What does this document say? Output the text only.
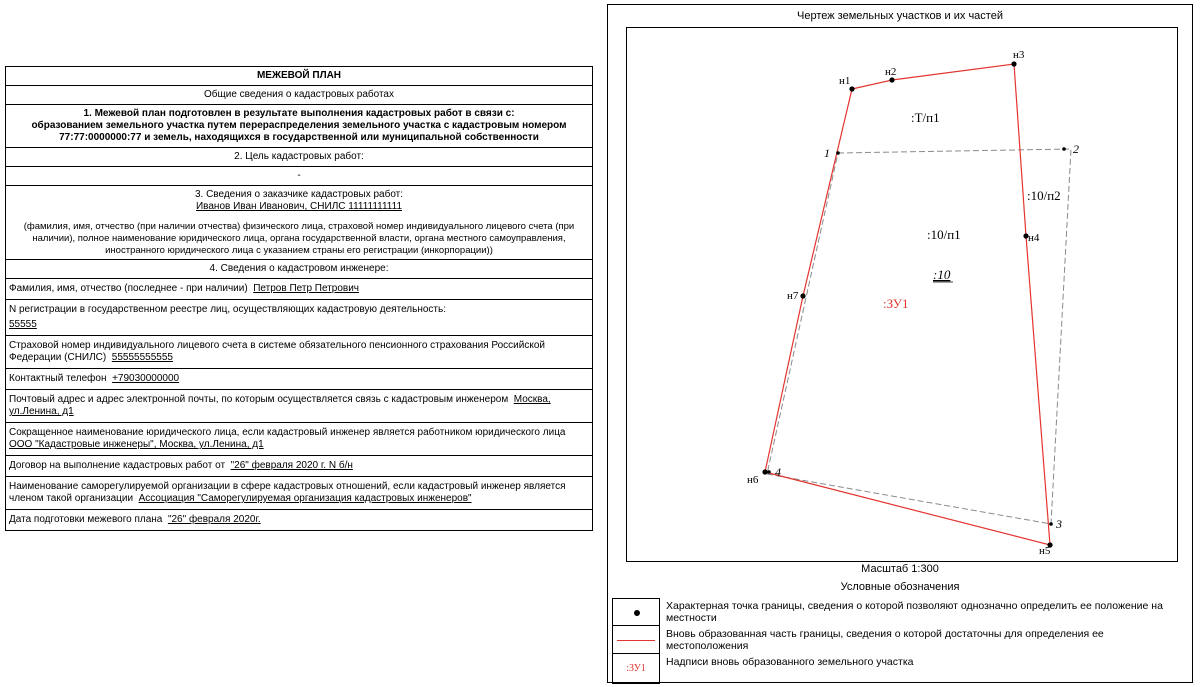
МЕЖЕВОЙ ПЛАН
Общие сведения о кадастровых работах
1. Межевой план подготовлен в результате выполнения кадастровых работ в связи с:
образованием земельного участка путем перераспределения земельного участка с кадастровым номером 77:77:0000000:77 и земель, находящихся в государственной или муниципальной собственности
2. Цель кадастровых работ:
-
3. Сведения о заказчике кадастровых работ:
Иванов Иван Иванович, СНИЛС 11111111111
(фамилия, имя, отчество (при наличии отчества) физического лица, страховой номер индивидуального лицевого счета (при наличии), полное наименование юридического лица, органа государственной власти, органа местного самоуправления, иностранного юридического лица с указанием страны его регистрации (инкорпорации))
4. Сведения о кадастровом инженере:
Фамилия, имя, отчество (последнее - при наличии) Петров Петр Петрович
N регистрации в государственном реестре лиц, осуществляющих кадастровую деятельность:
55555
Страховой номер индивидуального лицевого счета в системе обязательного пенсионного страхования Российской Федерации (СНИЛС) 55555555555
Контактный телефон +79030000000
Почтовый адрес и адрес электронной почты, по которым осуществляется связь с кадастровым инженером Москва,
ул.Ленина, д1
Сокращенное наименование юридического лица, если кадастровый инженер является работником юридического лица
ООО "Кадастровые инженеры", Москва, ул.Ленина, д1
Договор на выполнение кадастровых работ от "26" февраля 2020 г. N б/н
Наименование саморегулируемой организации в сфере кадастровых отношений, если кадастровый инженер является членом такой организации Ассоциация "Саморегулируемая организация кадастровых инженеров"
Дата подготовки межевого плана "26" февраля 2020г.
Чертеж земельных участков и их частей
н1
н2
н3
н4
н5
н6
н7
1	2
3
4
:Т/п1
:10/п2
:10/п1
:10
:ЗУ1
Масштаб 1:300
Условные обозначения
Характерная точка границы, сведения о которой позволяют однозначно определить ее положение на местности
Вновь образованная часть границы, сведения о которой достаточны для определения ее местоположения
:ЗУ1
Надписи вновь образованного земельного участка
